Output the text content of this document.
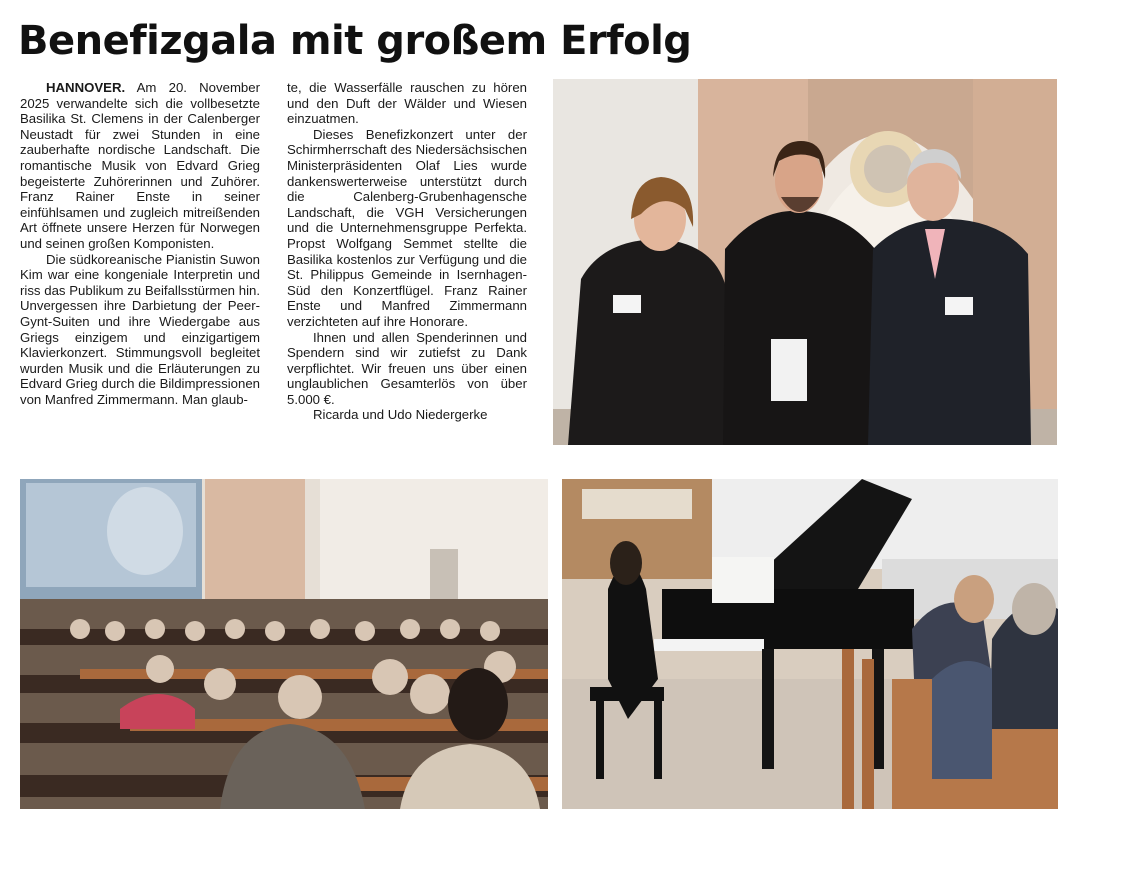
Benefizgala mit großem Erfolg

HANNOVER. Am 20. November 2025 verwandelte sich die vollbesetzte Basilika St. Clemens in der Calenberger Neustadt für zwei Stunden in eine zauberhafte nordische Landschaft. Die romantische Musik von Edvard Grieg begeisterte Zuhörerinnen und Zuhörer. Franz Rainer Enste in seiner einfühlsamen und zugleich mitreißenden Art öffnete unsere Herzen für Norwegen und seinen großen Komponisten.

Die südkoreanische Pianistin Suwon Kim war eine kongeniale Interpretin und riss das Publikum zu Beifallsstürmen hin. Unvergessen ihre Darbietung der Peer-Gynt-Suiten und ihre Wiedergabe aus Griegs einzigem und einzigartigem Klavierkonzert. Stimmungsvoll begleitet wurden Musik und die Erläuterungen zu Edvard Grieg durch die Bildimpressionen von Manfred Zimmermann. Man glaub-

te, die Wasserfälle rauschen zu hören und den Duft der Wälder und Wiesen einzuatmen.

Dieses Benefizkonzert unter der Schirmherrschaft des Niedersächsischen Ministerpräsidenten Olaf Lies wurde dankenswerterweise unterstützt durch die Calenberg-Grubenhagensche Landschaft, die VGH Versicherungen und die Unternehmensgruppe Perfekta. Propst Wolfgang Semmet stellte die Basilika kostenlos zur Verfügung und die St. Philippus Gemeinde in Isernhagen-Süd den Konzertflügel. Franz Rainer Enste und Manfred Zimmermann verzichteten auf ihre Honorare.

Ihnen und allen Spenderinnen und Spendern sind wir zutiefst zu Dank verpflichtet. Wir freuen uns über einen unglaublichen Gesamterlös von über 5.000 €.

Ricarda und Udo Niedergerke
